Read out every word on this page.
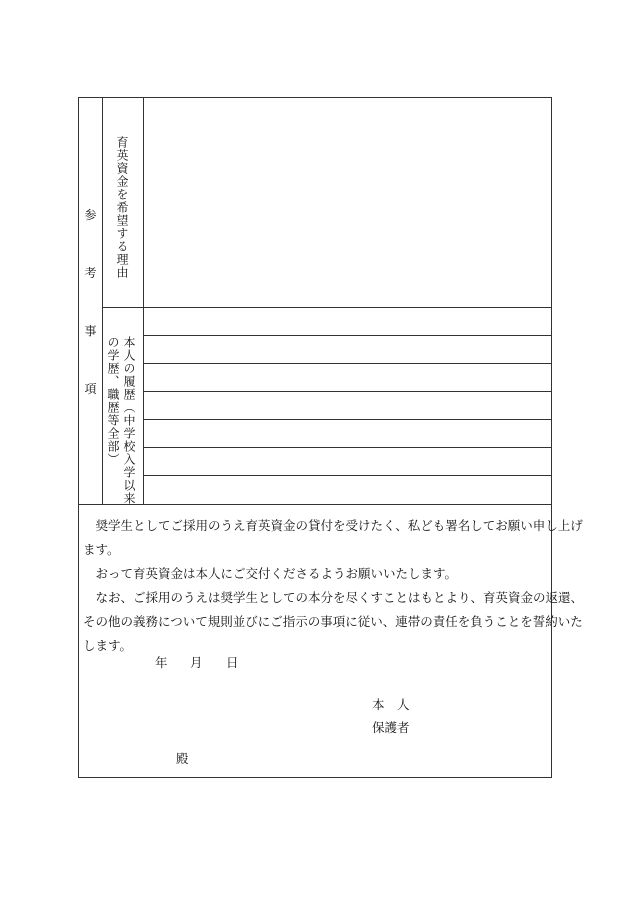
参
考
事
項
育英資金を希望する理由
本人の履歴（中学校入学以来
の学歴、職歴等全部）
　奨学生としてご採用のうえ育英資金の貸付を受けたく、私ども署名してお願い申し上げ
ます。
　おって育英資金は本人にご交付くださるようお願いいたします。
　なお、ご採用のうえは奨学生としての本分を尽くすことはもとより、育英資金の返還、
その他の義務について規則並びにご指示の事項に従い、連帯の責任を負うことを誓約いた
します。
年 月 日
本　人
保護者
殿
